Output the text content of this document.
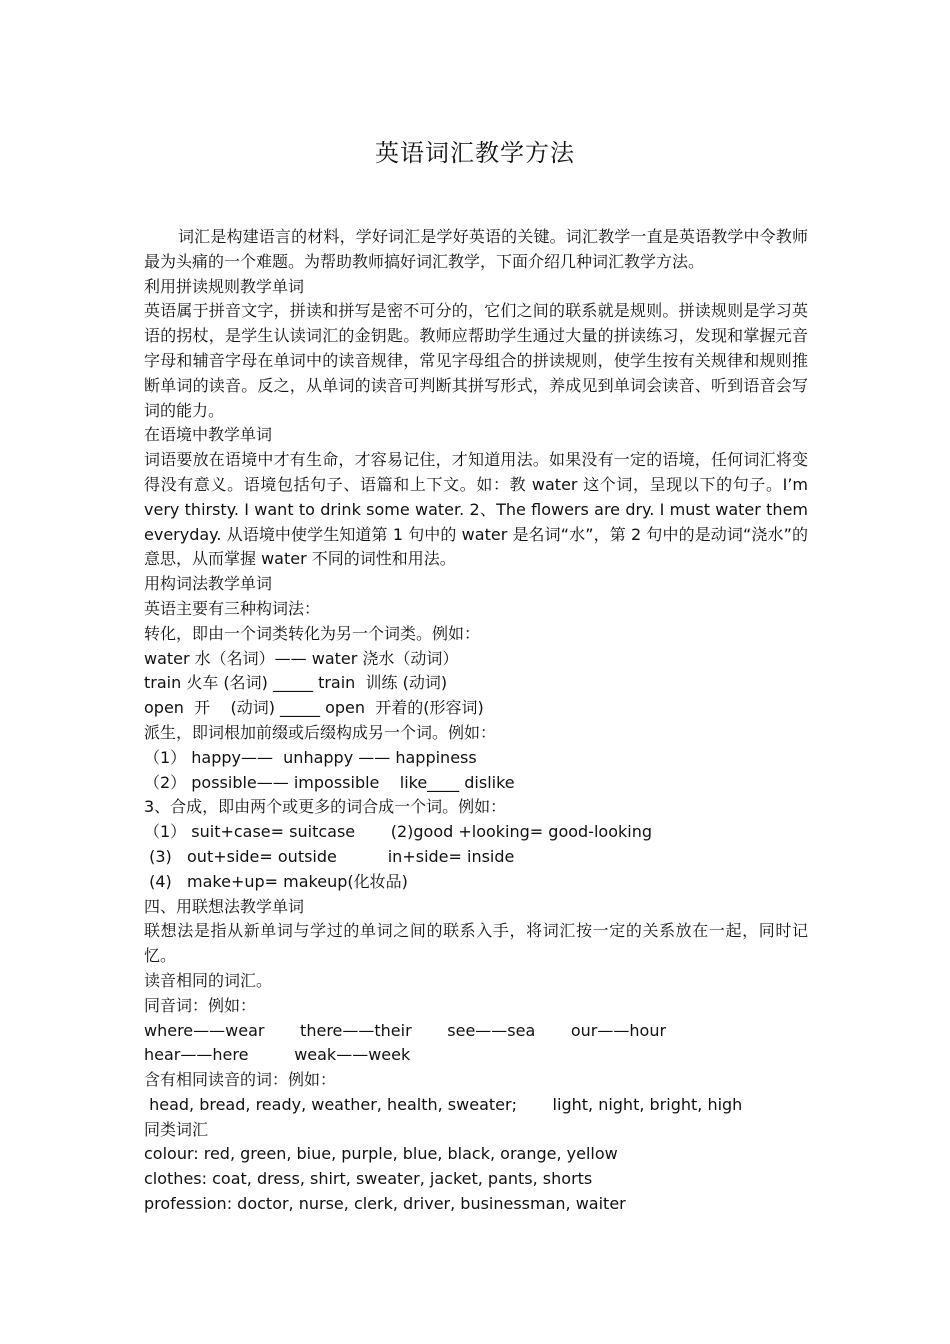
英语词汇教学方法
词汇是构建语言的材料，学好词汇是学好英语的关键。词汇教学一直是英语教学中令教师最为头痛的一个难题。为帮助教师搞好词汇教学，下面介绍几种词汇教学方法。
利用拼读规则教学单词
英语属于拼音文字，拼读和拼写是密不可分的，它们之间的联系就是规则。拼读规则是学习英语的拐杖，是学生认读词汇的金钥匙。教师应帮助学生通过大量的拼读练习，发现和掌握元音字母和辅音字母在单词中的读音规律，常见字母组合的拼读规则，使学生按有关规律和规则推断单词的读音。反之，从单词的读音可判断其拼写形式，养成见到单词会读音、听到语音会写词的能力。
在语境中教学单词
词语要放在语境中才有生命，才容易记住，才知道用法。如果没有一定的语境，任何词汇将变得没有意义。语境包括句子、语篇和上下文。如：教 water 这个词，呈现以下的句子。I’m very thirsty. I want to drink some water. 2、The flowers are dry. I must water them everyday. 从语境中使学生知道第 1 句中的 water 是名词“水”，第 2 句中的是动词“浇水”的意思，从而掌握 water 不同的词性和用法。
用构词法教学单词
英语主要有三种构词法：
转化，即由一个词类转化为另一个词类。例如：
water 水（名词）—— water 浇水（动词）
train 火车 (名词) _____ train  训练 (动词)
open  开    (动词) _____ open  开着的(形容词)
派生，即词根加前缀或后缀构成另一个词。例如：
（1） happy——  unhappy —— happiness
（2） possible—— impossible    like____ dislike
3、合成，即由两个或更多的词合成一个词。例如：
（1） suit+case= suitcase       (2)good +looking= good-looking
(3)   out+side= outside          in+side= inside
(4)   make+up= makeup(化妆品)
四、用联想法教学单词
联想法是指从新单词与学过的单词之间的联系入手，将词汇按一定的关系放在一起，同时记忆。
读音相同的词汇。
同音词：例如：
where——wear       there——their       see——sea       our——hour
hear——here         weak——week
含有相同读音的词：例如：
head, bread, ready, weather, health, sweater;       light, night, bright, high
同类词汇
colour: red, green, biue, purple, blue, black, orange, yellow
clothes: coat, dress, shirt, sweater, jacket, pants, shorts
profession: doctor, nurse, clerk, driver, businessman, waiter
